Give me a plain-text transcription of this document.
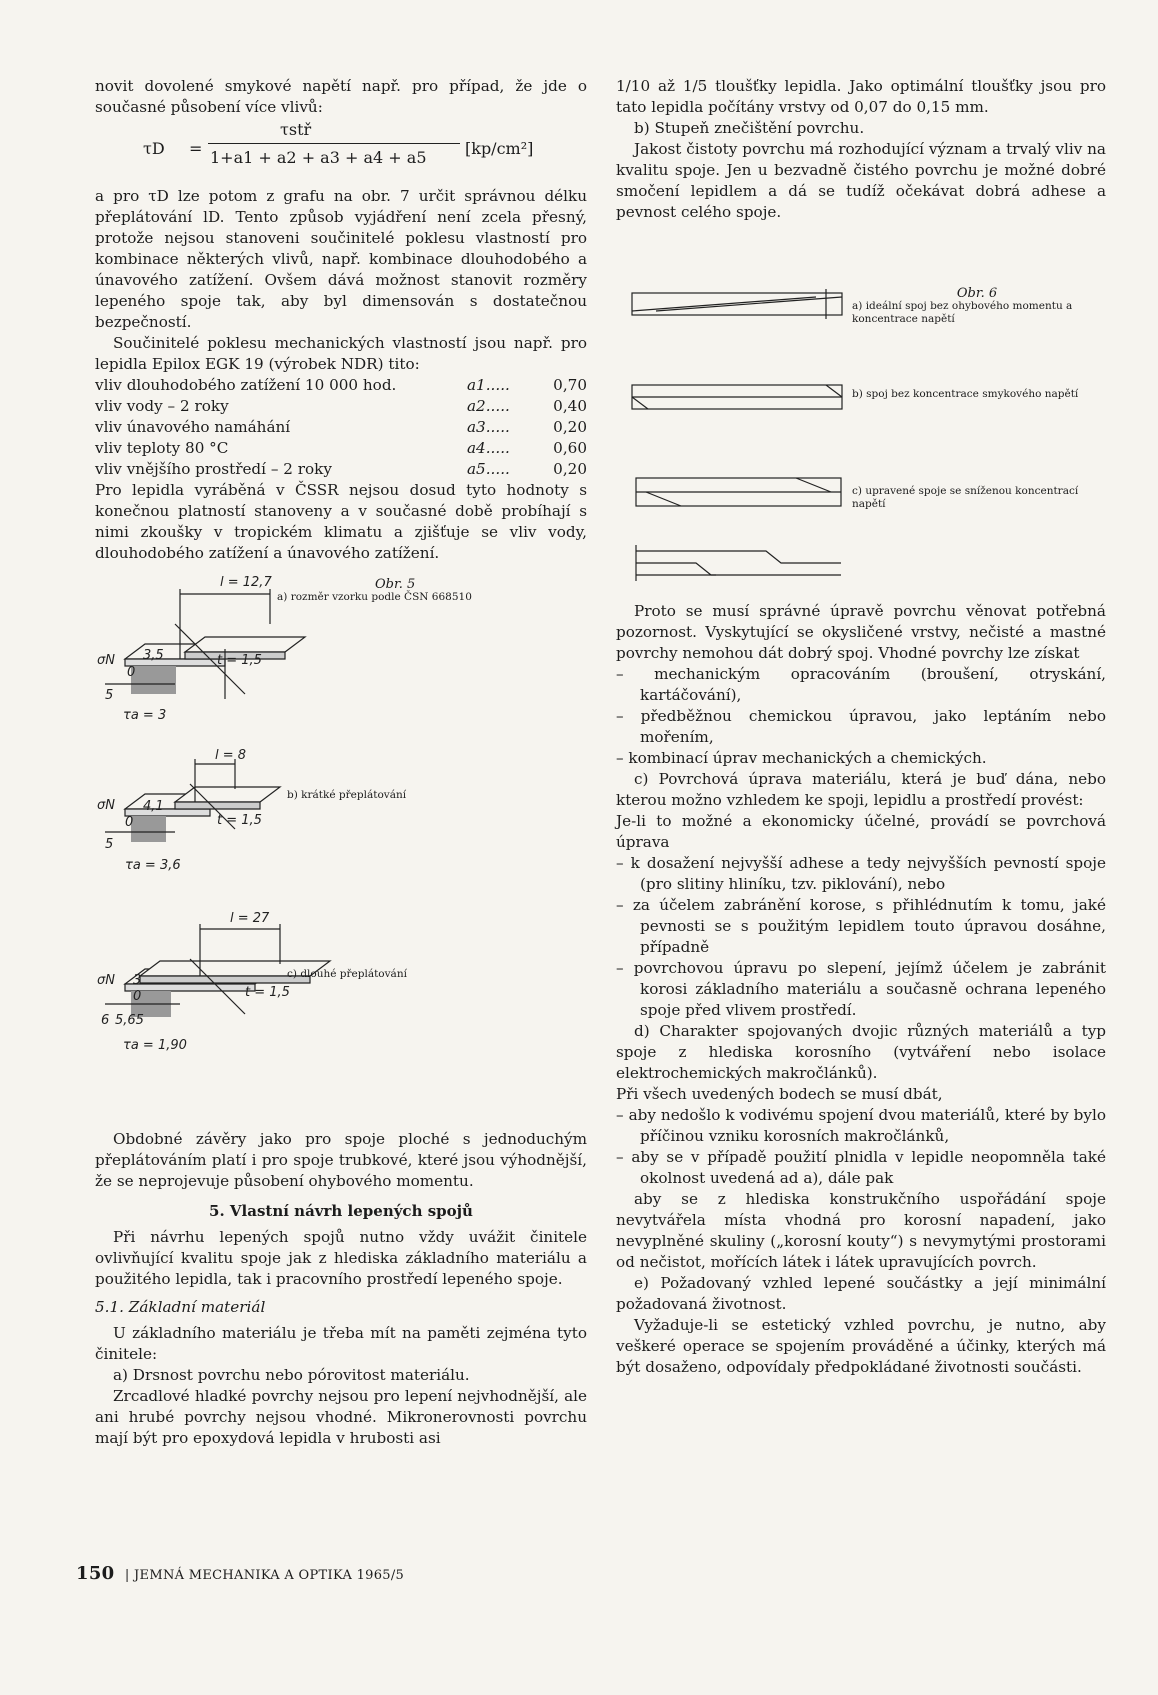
novit dovolené smykové napětí např. pro případ, že jde o současné působení více vlivů:

τD =
τstř
1+a1 + a2 + a3 + a4 + a5 [kp/cm²]

a pro τD lze potom z grafu na obr. 7 určit správnou délku přeplátování lD. Tento způsob vyjádření není zcela přesný, protože nejsou stanoveni součinitelé poklesu vlastností pro kombinace některých vlivů, např. kombinace dlouhodobého a únavového zatížení. Ovšem dává možnost stanovit rozměry lepeného spoje tak, aby byl dimensován s dostatečnou bezpečností.

Součinitelé poklesu mechanických vlastností jsou např. pro lepidla Epilox EGK 19 (výrobek NDR) tito:

vliv dlouhodobého zatížení 10 000 hod.	a1.....	0,70
vliv vody – 2 roky	a2.....	0,40
vliv únavového namáhání	a3.....	0,20
vliv teploty 80 °C	a4.....	0,60
vliv vnějšího prostředí – 2 roky	a5.....	0,20

Pro lepidla vyráběná v ČSSR nejsou dosud tyto hodnoty s konečnou platností stanoveny a v současné době probíhají s nimi zkoušky v tropickém klimatu a zjišťuje se vliv vody, dlouhodobého zatížení a únavového zatížení.

l = 12,7
σN 3,5
0
t = 1,5
5
τa = 3
l = 8
σN 4,1
0	t = 1,5
5
τa = 3,6
l = 27
σN 3
0	t = 1,5
6 5,65
τa = 1,90
Obr. 5
a) rozměr vzorku podle ČSN 668510
b) krátké přeplátování
c) dlouhé přeplátování

Obdobné závěry jako pro spoje ploché s jednoduchým přeplátováním platí i pro spoje trubkové, které jsou výhodnější, že se neprojevuje působení ohybového momentu.

5. Vlastní návrh lepených spojů

Při návrhu lepených spojů nutno vždy uvážit činitele ovlivňující kvalitu spoje jak z hlediska základního materiálu a použitého lepidla, tak i pracovního prostředí lepeného spoje.

5.1. Základní materiál

U základního materiálu je třeba mít na paměti zejména tyto činitele:

a) Drsnost povrchu nebo pórovitost materiálu.

Zrcadlové hladké povrchy nejsou pro lepení nejvhodnější, ale ani hrubé povrchy nejsou vhodné. Mikronerovnosti povrchu mají být pro epoxydová lepidla v hrubosti asi

1/10 až 1/5 tloušťky lepidla. Jako optimální tloušťky jsou pro tato lepidla počítány vrstvy od 0,07 do 0,15 mm.

b) Stupeň znečištění povrchu.

Jakost čistoty povrchu má rozhodující význam a trvalý vliv na kvalitu spoje. Jen u bezvadně čistého povrchu je možné dobré smočení lepidlem a dá se tudíž očekávat dobrá adhese a pevnost celého spoje.

Obr. 6
a) ideální spoj bez ohybového momentu a koncentrace napětí
b) spoj bez koncentrace smykového napětí
c) upravené spoje se sníženou koncentrací napětí

Proto se musí správné úpravě povrchu věnovat potřebná pozornost. Vyskytující se okysličené vrstvy, nečisté a mastné povrchy nemohou dát dobrý spoj. Vhodné povrchy lze získat

– mechanickým opracováním (broušení, otryskání, kartáčování),

– předběžnou chemickou úpravou, jako leptáním nebo mořením,

– kombinací úprav mechanických a chemických.

c) Povrchová úprava materiálu, která je buď dána, nebo kterou možno vzhledem ke spoji, lepidlu a prostředí provést:

Je-li to možné a ekonomicky účelné, provádí se povrchová úprava

– k dosažení nejvyšší adhese a tedy nejvyšších pevností spoje (pro slitiny hliníku, tzv. piklování), nebo

– za účelem zabránění korose, s přihlédnutím k tomu, jaké pevnosti se s použitým lepidlem touto úpravou dosáhne, případně

– povrchovou úpravu po slepení, jejímž účelem je zabránit korosi základního materiálu a současně ochrana lepeného spoje před vlivem prostředí.

d) Charakter spojovaných dvojic různých materiálů a typ spoje z hlediska korosního (vytváření nebo isolace elektrochemických makročlánků).

Při všech uvedených bodech se musí dbát,

– aby nedošlo k vodivému spojení dvou materiálů, které by bylo příčinou vzniku korosních makročlánků,

– aby se v případě použití plnidla v lepidle neopomněla také okolnost uvedená ad a), dále pak

aby se z hlediska konstrukčního uspořádání spoje nevytvářela místa vhodná pro korosní napadení, jako nevyplněné skuliny („korosní kouty“) s nevymytými prostorami od nečistot, mořících látek i látek upravujících povrch.

e) Požadovaný vzhled lepené součástky a její minimální požadovaná životnost.

Vyžaduje-li se estetický vzhled povrchu, je nutno, aby veškeré operace se spojením prováděné a účinky, kterých má být dosaženo, odpovídaly předpokládané životnosti součásti.

150 | JEMNÁ MECHANIKA A OPTIKA 1965/5
